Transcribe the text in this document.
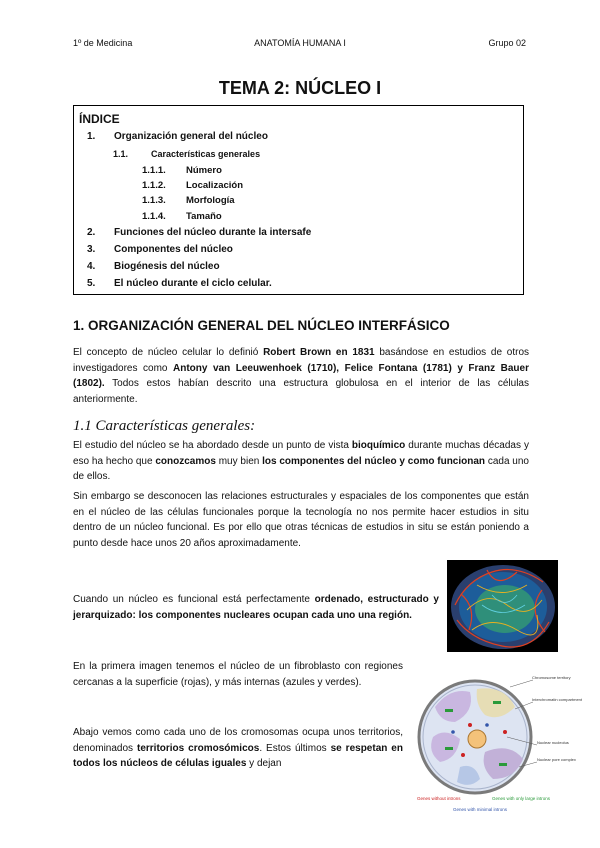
1º de Medicina	ANATOMÍA HUMANA I	Grupo 02
TEMA 2: NÚCLEO I
ÍNDICE
1. Organización general del núcleo
1.1.	Características generales
1.1.1. Número
1.1.2. Localización
1.1.3. Morfología
1.1.4. Tamaño
2. Funciones del núcleo durante la intersafe
3. Componentes del núcleo
4. Biogénesis del núcleo
5. El núcleo durante el ciclo celular.
1. ORGANIZACIÓN GENERAL DEL NÚCLEO INTERFÁSICO
El concepto de núcleo celular lo definió Robert Brown en 1831 basándose en estudios de otros investigadores como Antony van Leeuwenhoek (1710), Felice Fontana (1781) y Franz Bauer (1802). Todos estos habían descrito una estructura globulosa en el interior de las células anteriormente.
1.1 Características generales:
El estudio del núcleo se ha abordado desde un punto de vista bioquímico durante muchas décadas y eso ha hecho que conozcamos muy bien los componentes del núcleo y como funcionan cada uno de ellos.
Sin embargo se desconocen las relaciones estructurales y espaciales de los componentes que están en el núcleo de las células funcionales porque la tecnología no nos permite hacer estudios in situ dentro de un núcleo funcional. Es por ello que otras técnicas de estudios in situ se están poniendo a punto desde hace unos 20 años aproximadamente.
Cuando un núcleo es funcional está perfectamente ordenado, estructurado y jerarquizado: los componentes nucleares ocupan cada uno una región.
En la primera imagen tenemos el núcleo de un fibroblasto con regiones cercanas a la superficie (rojas), y más internas (azules y verdes).
Abajo vemos como cada uno de los cromosomas ocupa unos territorios, denominados territorios cromosómicos. Estos últimos se respetan en todos los núcleos de células iguales y dejan
Chromosome territory
Interchromatin compartment
Nuclear nucleolus
Nuclear pore complex
Genes without introns	Genes with only large introns
Genes with minimal introns
